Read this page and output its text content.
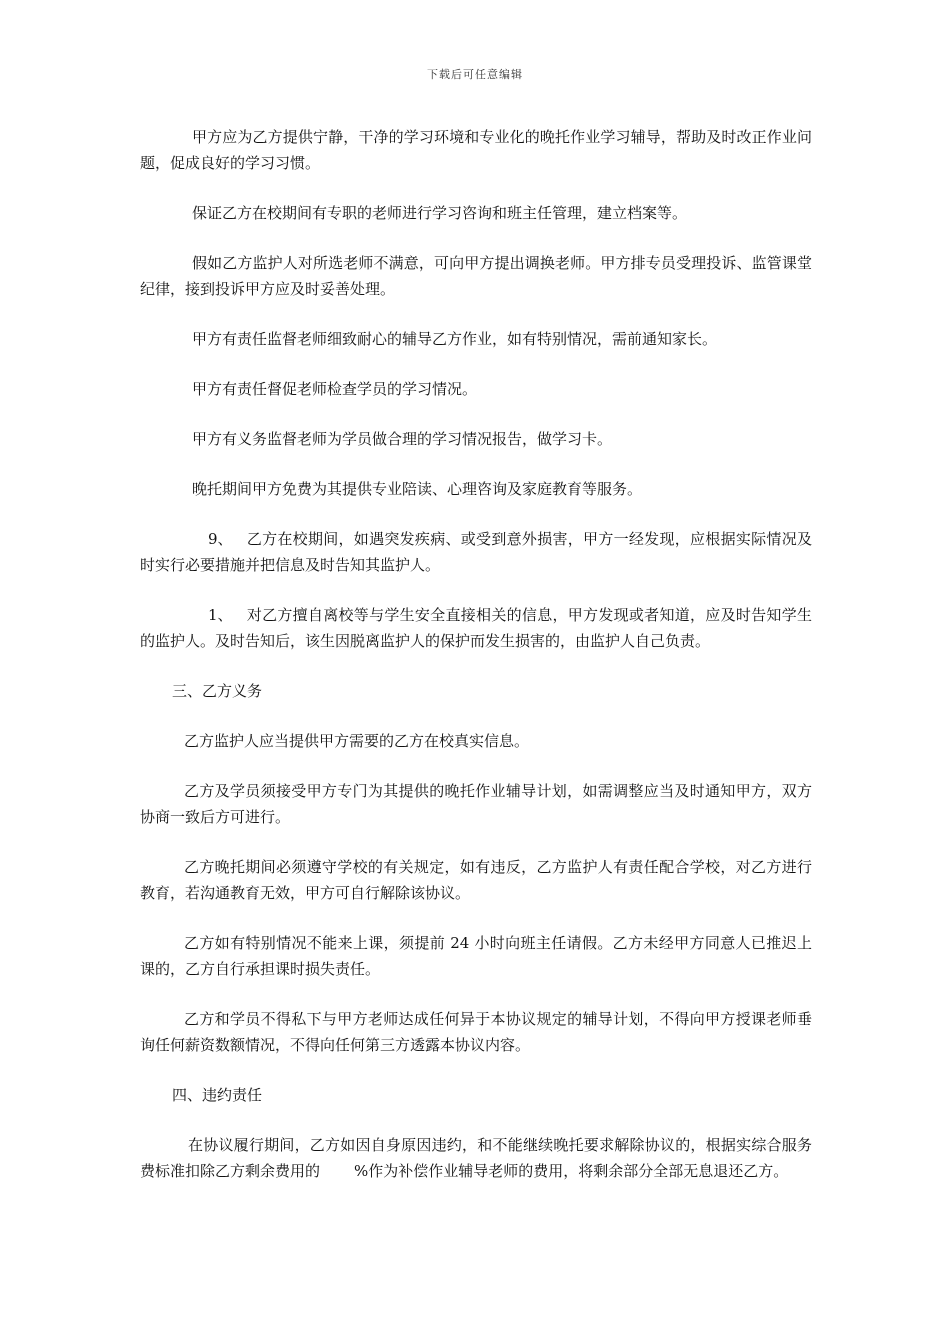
下载后可任意编辑

甲方应为乙方提供宁静，干净的学习环境和专业化的晚托作业学习辅导，帮助及时改正作业问题，促成良好的学习习惯。

保证乙方在校期间有专职的老师进行学习咨询和班主任管理，建立档案等。

假如乙方监护人对所选老师不满意，可向甲方提出调换老师。甲方排专员受理投诉、监管课堂纪律，接到投诉甲方应及时妥善处理。

甲方有责任监督老师细致耐心的辅导乙方作业，如有特别情况，需前通知家长。

甲方有责任督促老师检查学员的学习情况。

甲方有义务监督老师为学员做合理的学习情况报告，做学习卡。

晚托期间甲方免费为其提供专业陪读、心理咨询及家庭教育等服务。

9、 乙方在校期间，如遇突发疾病、或受到意外损害，甲方一经发现，应根据实际情况及时实行必要措施并把信息及时告知其监护人。

1、 对乙方擅自离校等与学生安全直接相关的信息，甲方发现或者知道，应及时告知学生的监护人。及时告知后，该生因脱离监护人的保护而发生损害的，由监护人自己负责。

三、乙方义务

乙方监护人应当提供甲方需要的乙方在校真实信息。

乙方及学员须接受甲方专门为其提供的晚托作业辅导计划，如需调整应当及时通知甲方，双方协商一致后方可进行。

乙方晚托期间必须遵守学校的有关规定，如有违反，乙方监护人有责任配合学校，对乙方进行教育，若沟通教育无效，甲方可自行解除该协议。

乙方如有特别情况不能来上课，须提前 24 小时向班主任请假。乙方未经甲方同意人已推迟上课的，乙方自行承担课时损失责任。

乙方和学员不得私下与甲方老师达成任何异于本协议规定的辅导计划，不得向甲方授课老师垂询任何薪资数额情况，不得向任何第三方透露本协议内容。

四、违约责任

在协议履行期间，乙方如因自身原因违约，和不能继续晚托要求解除协议的，根据实综合服务费标准扣除乙方剩余费用的 %作为补偿作业辅导老师的费用，将剩余部分全部无息退还乙方。
